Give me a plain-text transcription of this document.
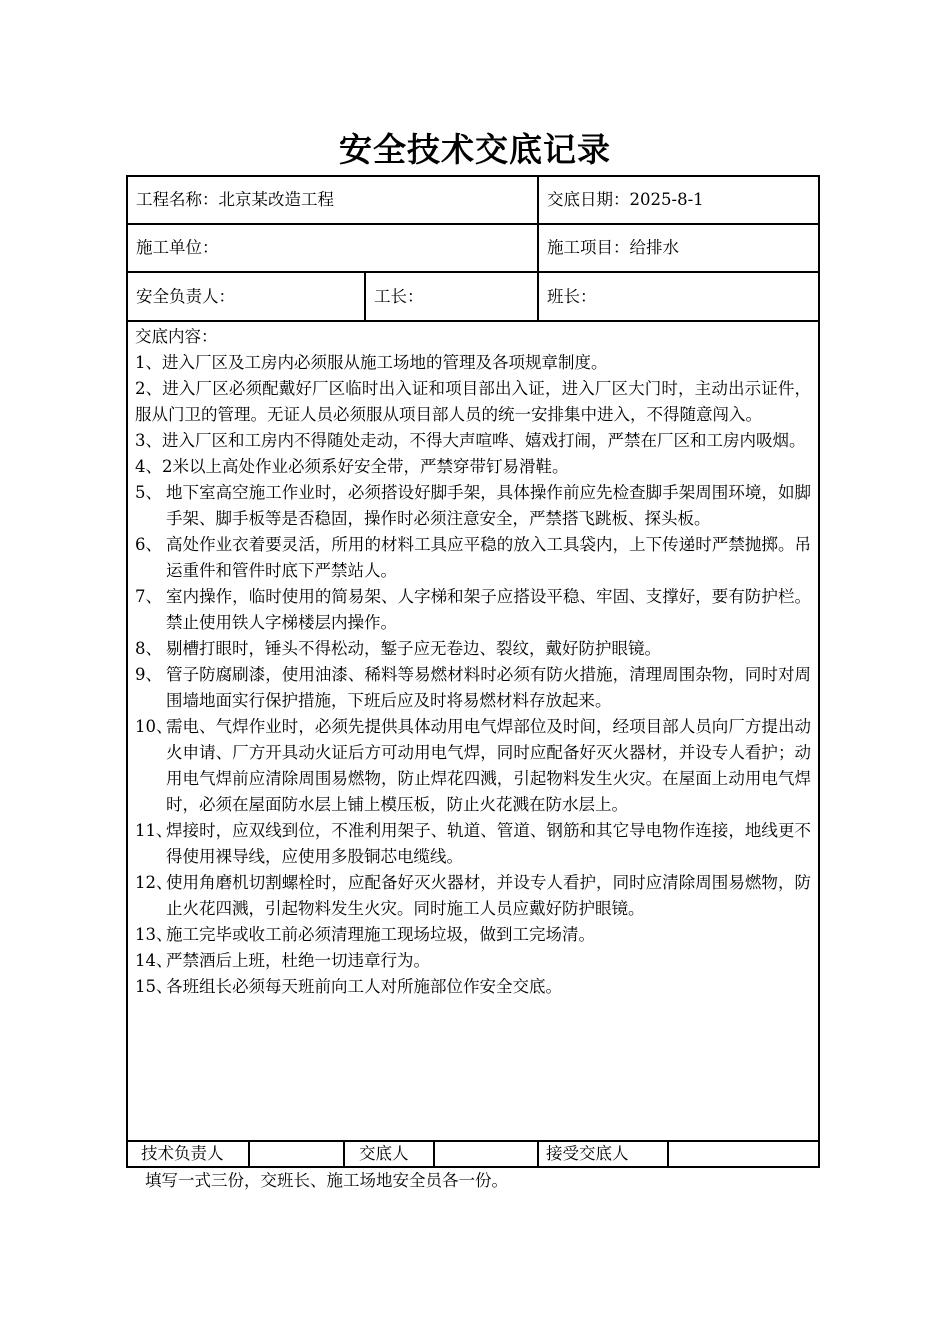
安全技术交底记录
工程名称：北京某改造工程	交底日期：2025-8-1
施工单位：	施工项目：给排水
安全负责人：	工长：	班长：
交底内容：
1、进入厂区及工房内必须服从施工场地的管理及各项规章制度。
2、进入厂区必须配戴好厂区临时出入证和项目部出入证，进入厂区大门时，主动出示证件，服从门卫的管理。无证人员必须服从项目部人员的统一安排集中进入，不得随意闯入。
3、进入厂区和工房内不得随处走动，不得大声喧哗、嬉戏打闹，严禁在厂区和工房内吸烟。
4、2米以上高处作业必须系好安全带，严禁穿带钉易滑鞋。
5、 地下室高空施工作业时，必须搭设好脚手架，具体操作前应先检查脚手架周围环境，如脚手架、脚手板等是否稳固，操作时必须注意安全，严禁搭飞跳板、探头板。
6、 高处作业衣着要灵活，所用的材料工具应平稳的放入工具袋内，上下传递时严禁抛掷。吊运重件和管件时底下严禁站人。
7、 室内操作，临时使用的简易架、人字梯和架子应搭设平稳、牢固、支撑好，要有防护栏。禁止使用铁人字梯楼层内操作。
8、 剔槽打眼时，锤头不得松动，錾子应无卷边、裂纹，戴好防护眼镜。
9、 管子防腐刷漆，使用油漆、稀料等易燃材料时必须有防火措施，清理周围杂物，同时对周围墙地面实行保护措施，下班后应及时将易燃材料存放起来。
10、
需电、气焊作业时，必须先提供具体动用电气焊部位及时间，经项目部人员向厂方提出动火申请、厂方开具动火证后方可动用电气焊，同时应配备好灭火器材，并设专人看护；动用电气焊前应清除周围易燃物，防止焊花四溅，引起物料发生火灾。在屋面上动用电气焊时，必须在屋面防水层上铺上模压板，防止火花溅在防水层上。
11、
焊接时，应双线到位，不准利用架子、轨道、管道、钢筋和其它导电物作连接，地线更不得使用裸导线，应使用多股铜芯电缆线。
12、
使用角磨机切割螺栓时，应配备好灭火器材，并设专人看护，同时应清除周围易燃物，防止火花四溅，引起物料发生火灾。同时施工人员应戴好防护眼镜。
13、
施工完毕或收工前必须清理施工现场垃圾，做到工完场清。
14、
严禁酒后上班，杜绝一切违章行为。
15、
各班组长必须每天班前向工人对所施部位作安全交底。
技术负责人	交底人	接受交底人
填写一式三份，交班长、施工场地安全员各一份。
